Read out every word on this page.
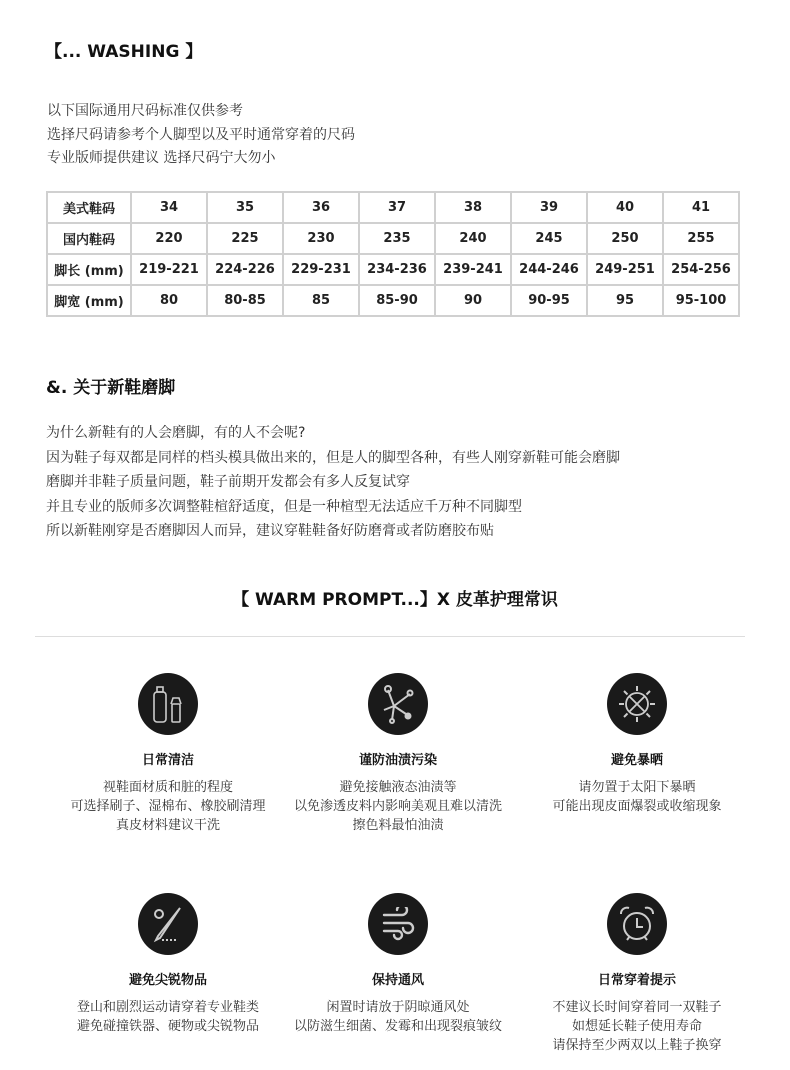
【... WASHING 】
以下国际通用尺码标准仅供参考
选择尺码请参考个人脚型以及平时通常穿着的尺码
专业版师提供建议 选择尺码宁大勿小
美式鞋码	34	35	36	37	38	39	40	41
国内鞋码	220	225	230	235	240	245	250	255
脚长 (mm)	219-221	224-226	229-231	234-236	239-241	244-246	249-251	254-256
脚宽 (mm)	80	80-85	85	85-90	90	90-95	95	95-100
&. 关于新鞋磨脚
为什么新鞋有的人会磨脚，有的人不会呢?
因为鞋子每双都是同样的档头模具做出来的，但是人的脚型各种，有些人刚穿新鞋可能会磨脚
磨脚并非鞋子质量问题，鞋子前期开发都会有多人反复试穿
并且专业的版师多次调整鞋楦舒适度，但是一种楦型无法适应千万种不同脚型
所以新鞋刚穿是否磨脚因人而异，建议穿鞋鞋备好防磨膏或者防磨胶布贴
【 WARM PROMPT...】X 皮革护理常识
日常清洁
视鞋面材质和脏的程度
可选择刷子、湿棉布、橡胶刷清理
真皮材料建议干洗
谨防油渍污染
避免接触液态油渍等
以免渗透皮料内影响美观且难以清洗
擦色料最怕油渍
避免暴晒
请勿置于太阳下暴晒
可能出现皮面爆裂或收缩现象
避免尖锐物品
登山和剧烈运动请穿着专业鞋类
避免碰撞铁器、硬物或尖锐物品
保持通风
闲置时请放于阴晾通风处
以防滋生细菌、发霉和出现裂痕皱纹
日常穿着提示
不建议长时间穿着同一双鞋子
如想延长鞋子使用寿命
请保持至少两双以上鞋子换穿
